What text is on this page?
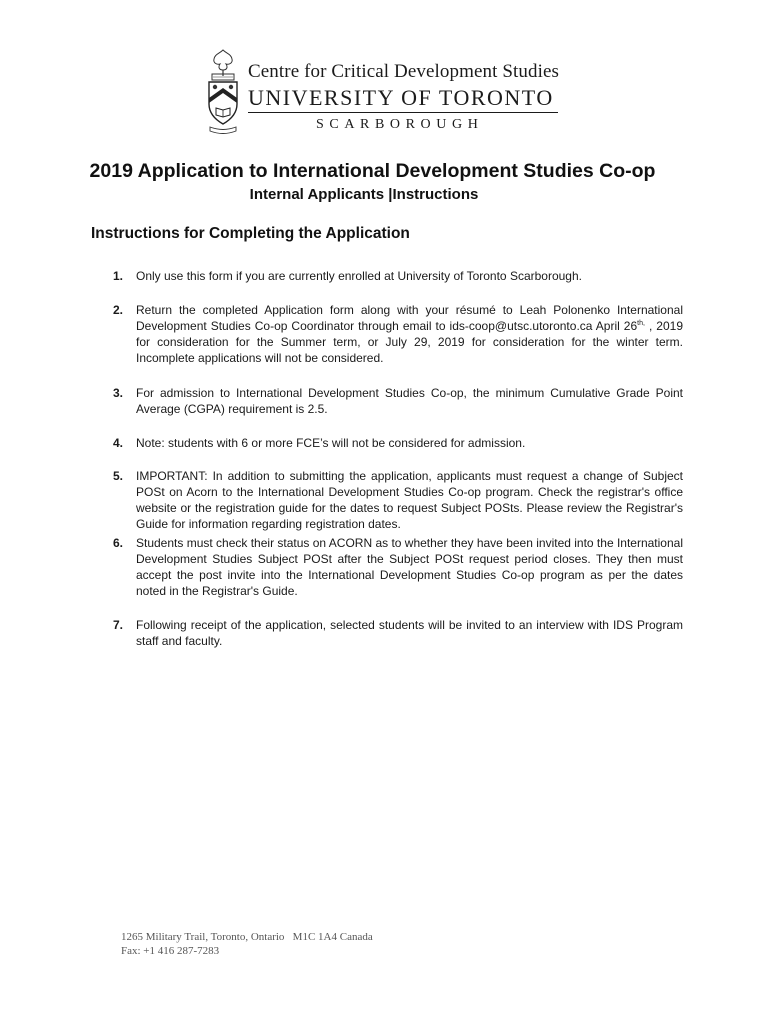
Centre for Critical Development Studies
UNIVERSITY OF TORONTO
SCARBOROUGH
2019 Application to International Development Studies Co-op
Internal Applicants |Instructions
Instructions for Completing the Application
1. Only use this form if you are currently enrolled at University of Toronto Scarborough.
2. Return the completed Application form along with your résumé to Leah Polonenko International Development Studies Co-op Coordinator through email to ids-coop@utsc.utoronto.ca April $26^{th,}$ , 2019 for consideration for the Summer term, or July 29, 2019 for consideration for the winter term. Incomplete applications will not be considered.
3. For admission to International Development Studies Co-op, the minimum Cumulative Grade Point Average (CGPA) requirement is 2.5.
4. Note: students with 6 or more FCE’s will not be considered for admission.
5. IMPORTANT: In addition to submitting the application, applicants must request a change of Subject POSt on Acorn to the International Development Studies Co-op program. Check the registrar's office website or the registration guide for the dates to request Subject POSts. Please review the Registrar's Guide for information regarding registration dates.
6. Students must check their status on ACORN as to whether they have been invited into the International Development Studies Subject POSt after the Subject POSt request period closes. They then must accept the post invite into the International Development Studies Co-op program as per the dates noted in the Registrar's Guide.
7. Following receipt of the application, selected students will be invited to an interview with IDS Program staff and faculty.
1265 Military Trail, Toronto, Ontario   M1C 1A4 Canada
Fax: +1 416 287-7283
